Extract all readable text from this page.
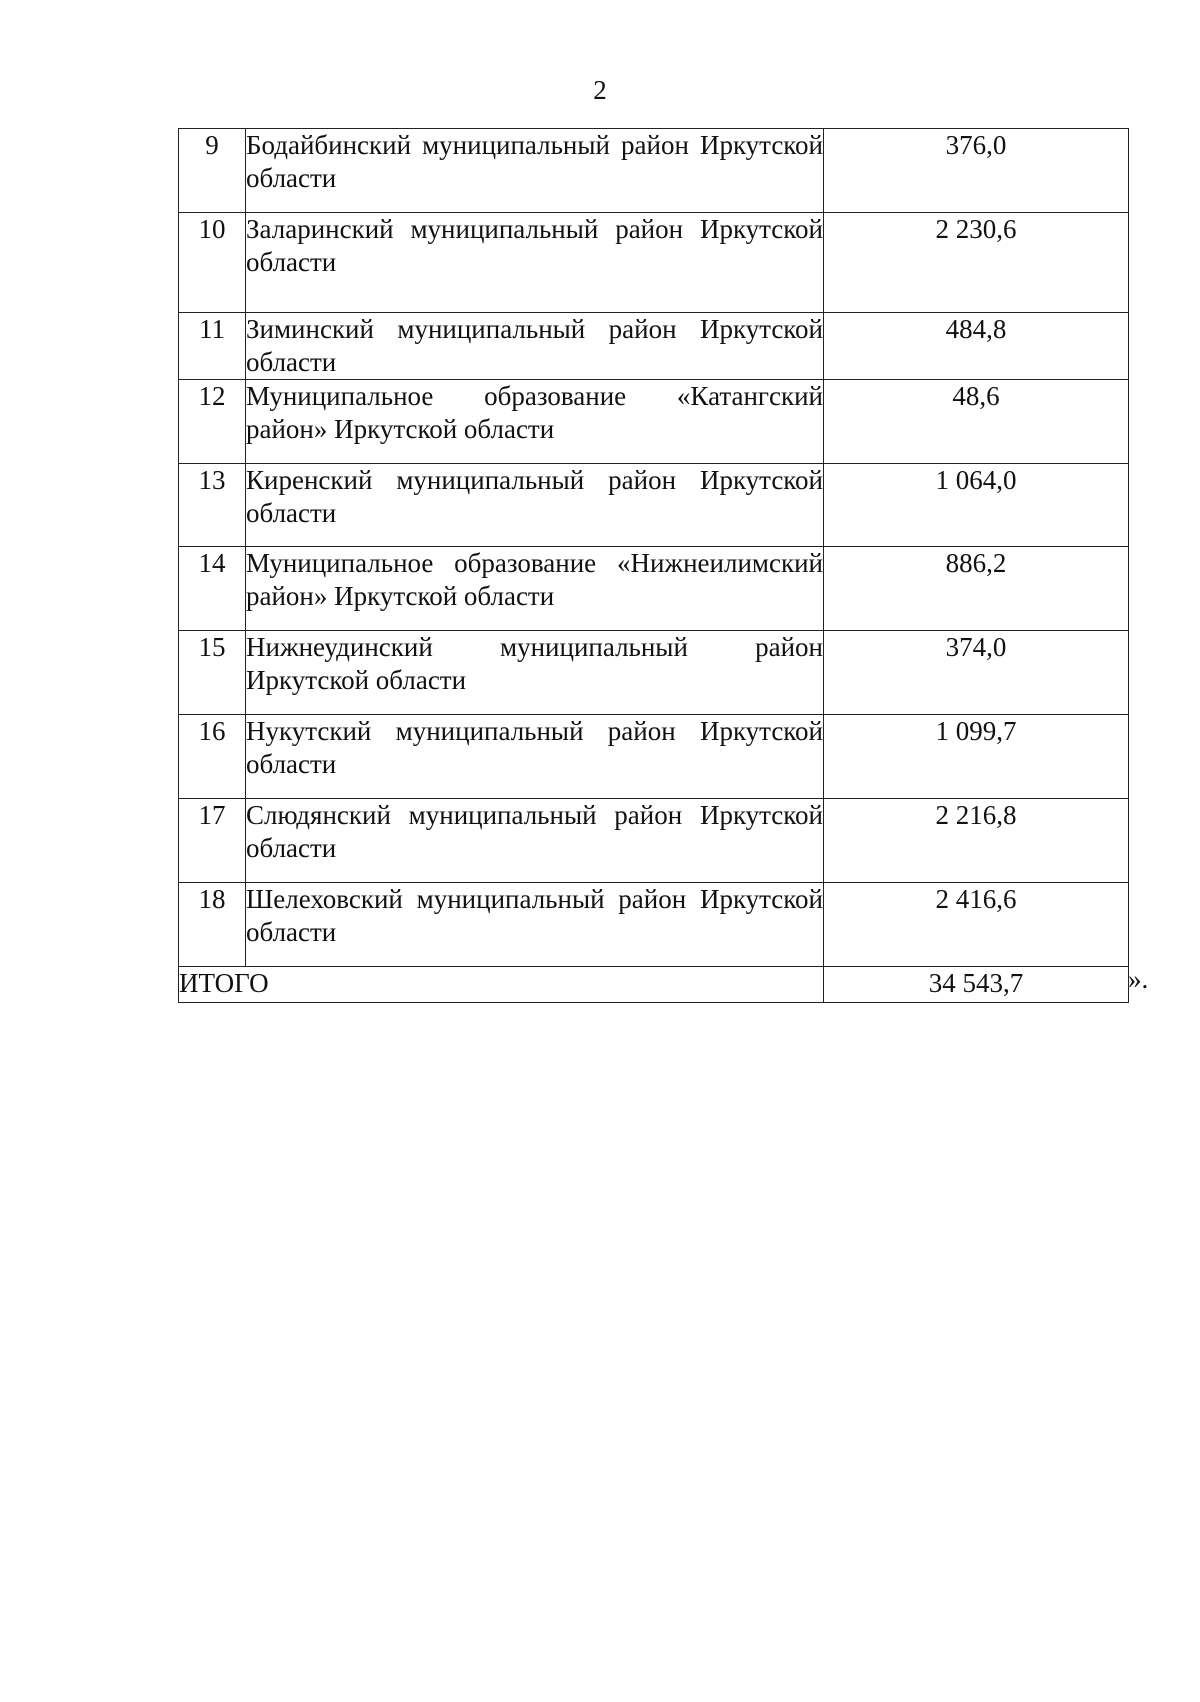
2
9	Бодайбинский муниципальный район Иркутской области	376,0
10	Заларинский муниципальный район Иркутской области	2 230,6
11	Зиминский муниципальный район Иркутской области	484,8
12	Муниципальное образование «Катангский район» Иркутской области	48,6
13	Киренский муниципальный район Иркутской области	1 064,0
14	Муниципальное образование «Нижнеилимский район» Иркутской области	886,2
15	Нижнеудинский муниципальный район Иркутской области	374,0
16	Нукутский муниципальный район Иркутской области	1 099,7
17	Слюдянский муниципальный район Иркутской области	2 216,8
18	Шелеховский муниципальный район Иркутской области	2 416,6
ИТОГО		34 543,7	».
